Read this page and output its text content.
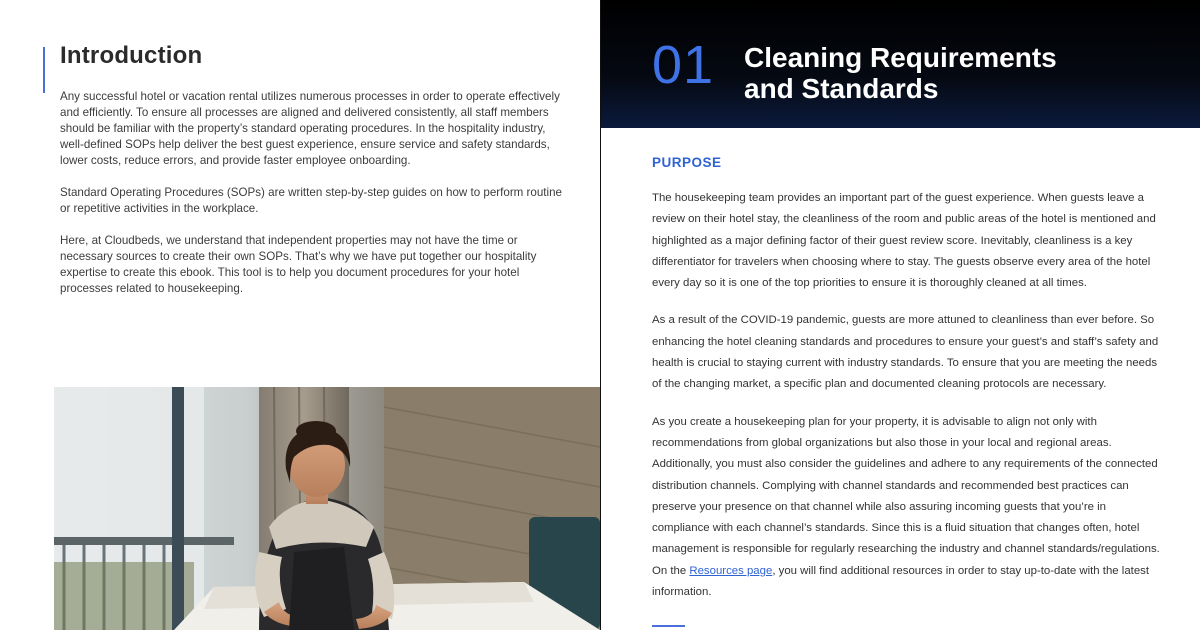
Introduction

Any successful hotel or vacation rental utilizes numerous processes in order to operate effectively and efficiently. To ensure all processes are aligned and delivered consistently, all staff members should be familiar with the property’s standard operating procedures. In the hospitality industry, well-defined SOPs help deliver the best guest experience, ensure service and safety standards, lower costs, reduce errors, and provide faster employee onboarding.

Standard Operating Procedures (SOPs) are written step-by-step guides on how to perform routine or repetitive activities in the workplace.

Here, at Cloudbeds, we understand that independent properties may not have the time or necessary sources to create their own SOPs. That’s why we have put together our hospitality expertise to create this ebook. This tool is to help you document procedures for your hotel processes related to housekeeping.

01 Cleaning Requirements
and Standards
PURPOSE

The housekeeping team provides an important part of the guest experience. When guests leave a review on their hotel stay, the cleanliness of the room and public areas of the hotel is mentioned and highlighted as a major defining factor of their guest review score. Inevitably, cleanliness is a key differentiator for travelers when choosing where to stay. The guests observe every area of the hotel every day so it is one of the top priorities to ensure it is thoroughly cleaned at all times.

As a result of the COVID-19 pandemic, guests are more attuned to cleanliness than ever before. So enhancing the hotel cleaning standards and procedures to ensure your guest’s and staff’s safety and health is crucial to staying current with industry standards. To ensure that you are meeting the needs of the changing market, a specific plan and documented cleaning protocols are necessary.

As you create a housekeeping plan for your property, it is advisable to align not only with recommendations from global organizations but also those in your local and regional areas. Additionally, you must also consider the guidelines and adhere to any requirements of the connected distribution channels. Complying with channel standards and recommended best practices can preserve your presence on that channel while also assuring incoming guests that you’re in compliance with each channel’s standards. Since this is a fluid situation that changes often, hotel management is responsible for regularly researching the industry and channel standards/regulations. On the Resources page, you will find additional resources in order to stay up-to-date with the latest information.
